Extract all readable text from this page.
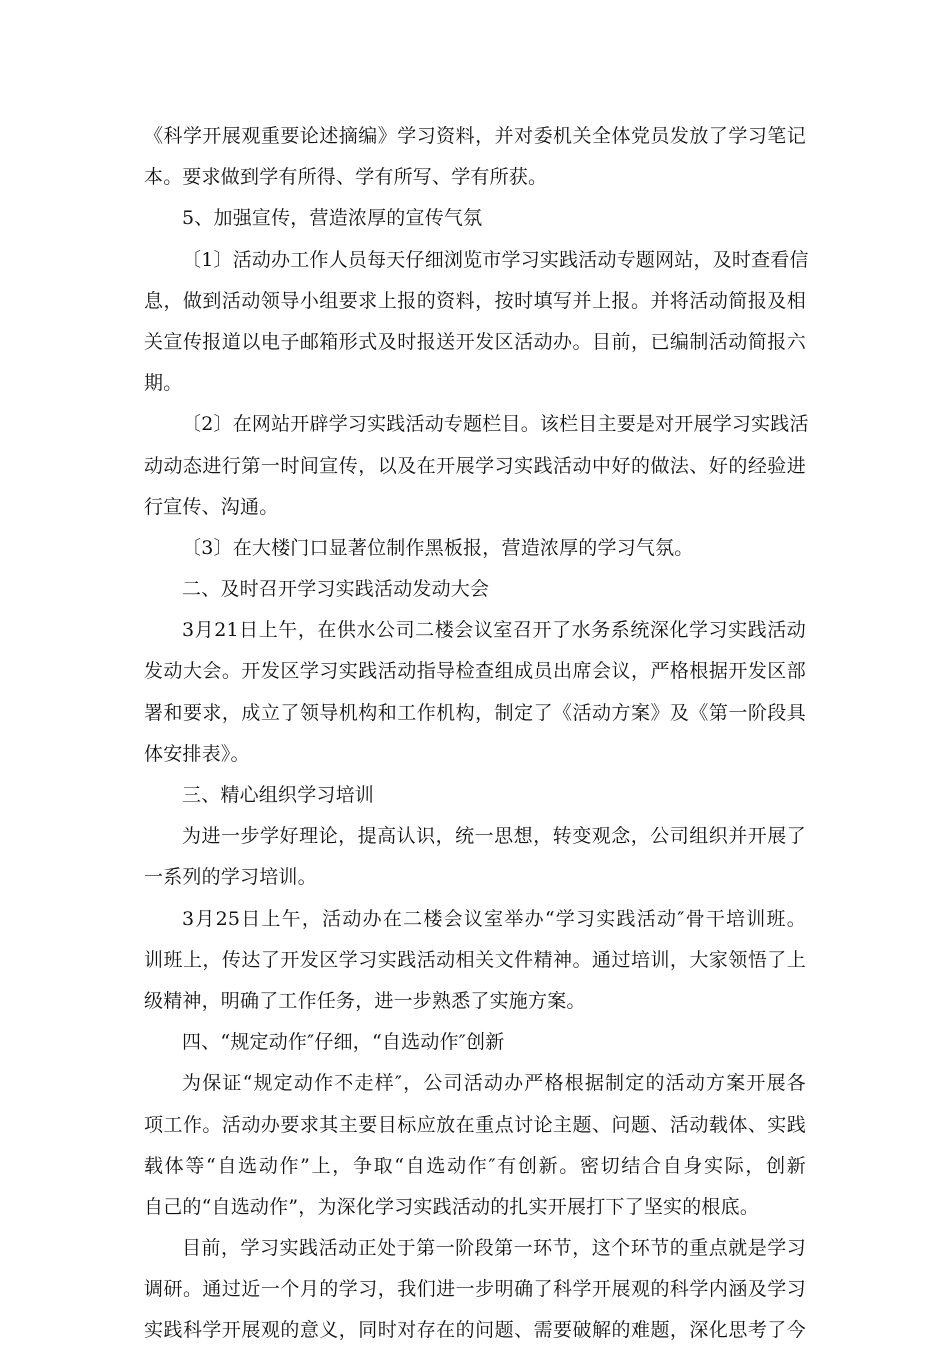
《科学开展观重要论述摘编》学习资料，并对委机关全体党员发放了学习笔记
本。要求做到学有所得、学有所写、学有所获。
5、加强宣传，营造浓厚的宣传气氛
〔1〕活动办工作人员每天仔细浏览市学习实践活动专题网站，及时查看信
息，做到活动领导小组要求上报的资料，按时填写并上报。并将活动简报及相
关宣传报道以电子邮箱形式及时报送开发区活动办。目前，已编制活动简报六
期。
〔2〕在网站开辟学习实践活动专题栏目。该栏目主要是对开展学习实践活
动动态进行第一时间宣传，以及在开展学习实践活动中好的做法、好的经验进
行宣传、沟通。
〔3〕在大楼门口显著位制作黑板报，营造浓厚的学习气氛。
二、及时召开学习实践活动发动大会
3月21日上午，在供水公司二楼会议室召开了水务系统深化学习实践活动
发动大会。开发区学习实践活动指导检查组成员出席会议，严格根据开发区部
署和要求，成立了领导机构和工作机构，制定了《活动方案》及《第一阶段具
体安排表》。
三、精心组织学习培训
为进一步学好理论，提高认识，统一思想，转变观念，公司组织并开展了
一系列的学习培训。
3月25日上午，活动办在二楼会议室举办“学习实践活动″骨干培训班。
训班上，传达了开发区学习实践活动相关文件精神。通过培训，大家领悟了上
级精神，明确了工作任务，进一步熟悉了实施方案。
四、“规定动作″仔细，“自选动作″创新
为保证“规定动作不走样″，公司活动办严格根据制定的活动方案开展各
项工作。活动办要求其主要目标应放在重点讨论主题、问题、活动载体、实践
载体等“自选动作”上，争取“自选动作″有创新。密切结合自身实际，创新
自己的“自选动作”，为深化学习实践活动的扎实开展打下了坚实的根底。
目前，学习实践活动正处于第一阶段第一环节，这个环节的重点就是学习
调研。通过近一个月的学习，我们进一步明确了科学开展观的科学内涵及学习
实践科学开展观的意义，同时对存在的问题、需要破解的难题，深化思考了今
